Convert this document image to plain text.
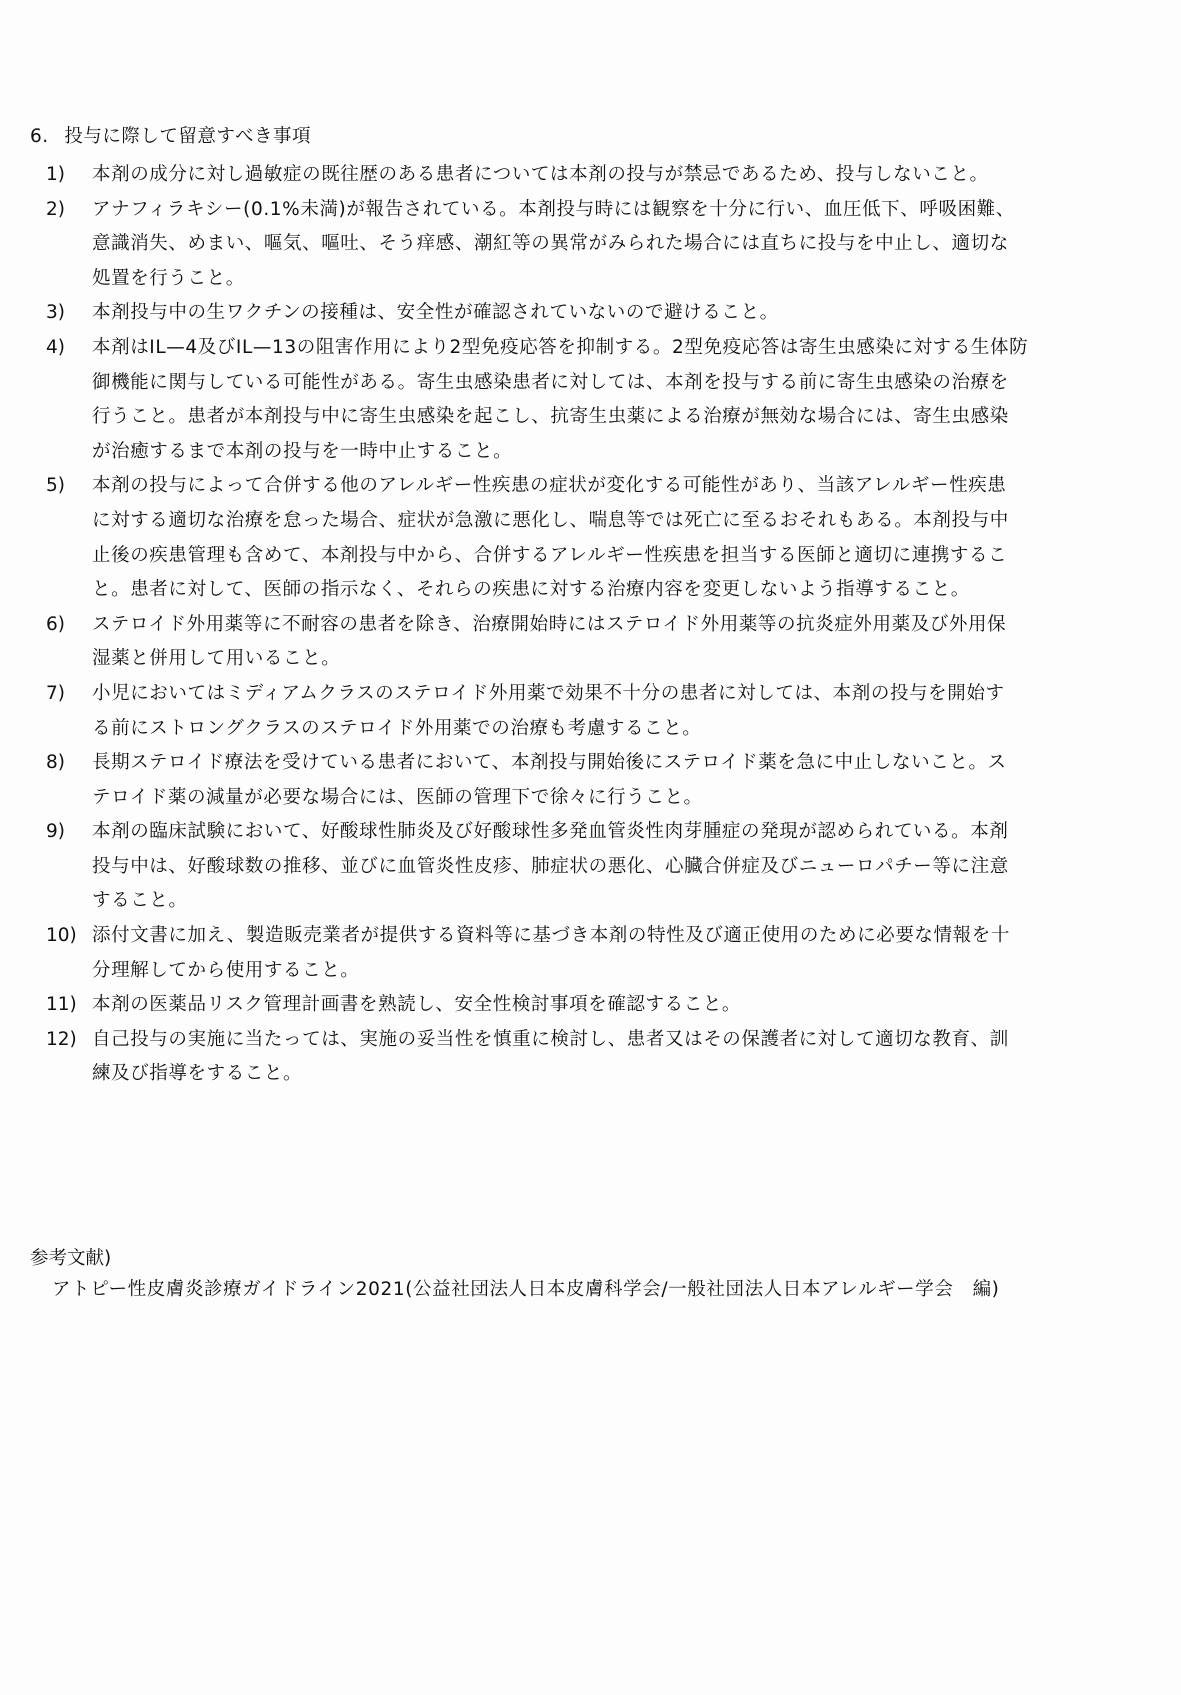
6. 投与に際して留意すべき事項
1)	本剤の成分に対し過敏症の既往歴のある患者については本剤の投与が禁忌であるため、投与しないこと。
2)	アナフィラキシー(0.1%未満)が報告されている。本剤投与時には観察を十分に行い、血圧低下、呼吸困難、
意識消失、めまい、嘔気、嘔吐、そう痒感、潮紅等の異常がみられた場合には直ちに投与を中止し、適切な
処置を行うこと。
3)	本剤投与中の生ワクチンの接種は、安全性が確認されていないので避けること。
4)	本剤はIL—4及びIL—13の阻害作用により2型免疫応答を抑制する。2型免疫応答は寄生虫感染に対する生体防
御機能に関与している可能性がある。寄生虫感染患者に対しては、本剤を投与する前に寄生虫感染の治療を
行うこと。患者が本剤投与中に寄生虫感染を起こし、抗寄生虫薬による治療が無効な場合には、寄生虫感染
が治癒するまで本剤の投与を一時中止すること。
5)	本剤の投与によって合併する他のアレルギー性疾患の症状が変化する可能性があり、当該アレルギー性疾患
に対する適切な治療を怠った場合、症状が急激に悪化し、喘息等では死亡に至るおそれもある。本剤投与中
止後の疾患管理も含めて、本剤投与中から、合併するアレルギー性疾患を担当する医師と適切に連携するこ
と。患者に対して、医師の指示なく、それらの疾患に対する治療内容を変更しないよう指導すること。
6)	ステロイド外用薬等に不耐容の患者を除き、治療開始時にはステロイド外用薬等の抗炎症外用薬及び外用保
湿薬と併用して用いること。
7)	小児においてはミディアムクラスのステロイド外用薬で効果不十分の患者に対しては、本剤の投与を開始す
る前にストロングクラスのステロイド外用薬での治療も考慮すること。
8)	長期ステロイド療法を受けている患者において、本剤投与開始後にステロイド薬を急に中止しないこと。ス
テロイド薬の減量が必要な場合には、医師の管理下で徐々に行うこと。
9)	本剤の臨床試験において、好酸球性肺炎及び好酸球性多発血管炎性肉芽腫症の発現が認められている。本剤
投与中は、好酸球数の推移、並びに血管炎性皮疹、肺症状の悪化、心臓合併症及びニューロパチー等に注意
すること。
10) 添付文書に加え、製造販売業者が提供する資料等に基づき本剤の特性及び適正使用のために必要な情報を十
分理解してから使用すること。
11) 本剤の医薬品リスク管理計画書を熟読し、安全性検討事項を確認すること。
12) 自己投与の実施に当たっては、実施の妥当性を慎重に検討し、患者又はその保護者に対して適切な教育、訓
練及び指導をすること。
参考文献)
アトピー性皮膚炎診療ガイドライン2021(公益社団法人日本皮膚科学会/一般社団法人日本アレルギー学会　編)
